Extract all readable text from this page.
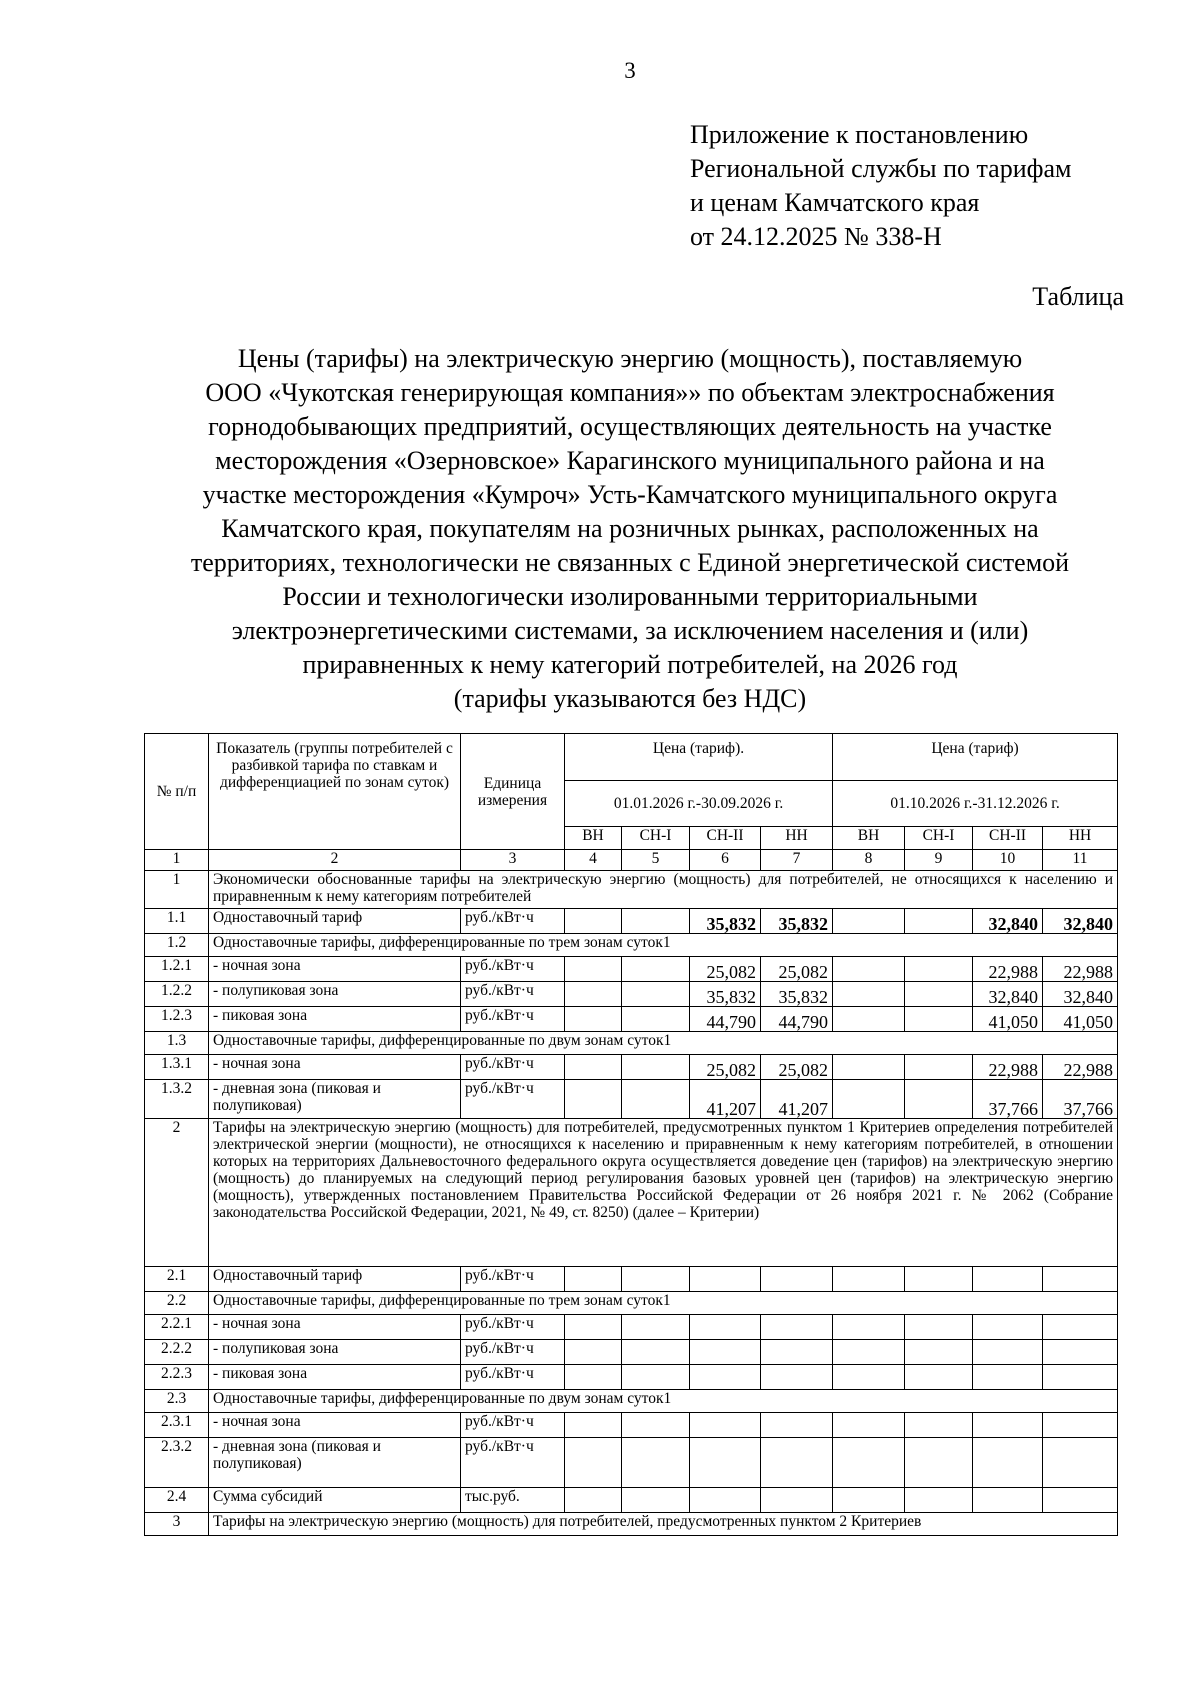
3
Приложение к постановлению
Региональной службы по тарифам
и ценам Камчатского края
от 24.12.2025 № 338-Н
Таблица
Цены (тарифы) на электрическую энергию (мощность), поставляемую
ООО «Чукотская генерирующая компания»» по объектам электроснабжения
горнодобывающих предприятий, осуществляющих деятельность на участке
месторождения «Озерновское» Карагинского муниципального района и на
участке месторождения «Кумроч» Усть-Камчатского муниципального округа
Камчатского края, покупателям на розничных рынках, расположенных на
территориях, технологически не связанных с Единой энергетической системой
России и технологически изолированными территориальными
электроэнергетическими системами, за исключением населения и (или)
приравненных к нему категорий потребителей, на 2026 год
(тарифы указываются без НДС)
№ п/п	Показатель (группы потребителей с разбивкой тарифа по ставкам и дифференциацией по зонам суток)	Единица измерения	Цена (тариф).				Цена (тариф)			
			01.01.2026 г.-30.09.2026 г.				01.10.2026 г.-31.12.2026 г.			
			ВН	СН-I	СН-II	НН	ВН	СН-I	СН-II	НН
1	2	3	4	5	6	7	8	9	10	11
1	Экономически обоснованные тарифы на электрическую энергию (мощность) для потребителей, не относящихся к населению и приравненным к нему категориям потребителей									
1.1	Одноставочный тариф	руб./кВт·ч			35,832	35,832			32,840	32,840
1.2	Одноставочные тарифы, дифференцированные по трем зонам суток1									
1.2.1	- ночная зона	руб./кВт·ч			25,082	25,082			22,988	22,988
1.2.2	- полупиковая зона	руб./кВт·ч			35,832	35,832			32,840	32,840
1.2.3	- пиковая зона	руб./кВт·ч			44,790	44,790			41,050	41,050
1.3	Одноставочные тарифы, дифференцированные по двум зонам суток1									
1.3.1	- ночная зона	руб./кВт·ч			25,082	25,082			22,988	22,988
1.3.2	- дневная зона (пиковая и полупиковая)	руб./кВт·ч			41,207	41,207			37,766	37,766
2	Тарифы на электрическую энергию (мощность) для потребителей, предусмотренных пунктом 1 Критериев определения потребителей электрической энергии (мощности), не относящихся к населению и приравненным к нему категориям потребителей, в отношении которых на территориях Дальневосточного федерального округа осуществляется доведение цен (тарифов) на электрическую энергию (мощность) до планируемых на следующий период регулирования базовых уровней цен (тарифов) на электрическую энергию (мощность), утвержденных постановлением Правительства Российской Федерации от 26 ноября 2021 г. № 2062 (Собрание законодательства Российской Федерации, 2021, № 49, ст. 8250) (далее – Критерии)									
2.1	Одноставочный тариф	руб./кВт·ч								
2.2	Одноставочные тарифы, дифференцированные по трем зонам суток1									
2.2.1	- ночная зона	руб./кВт·ч								
2.2.2	- полупиковая зона	руб./кВт·ч								
2.2.3	- пиковая зона	руб./кВт·ч								
2.3	Одноставочные тарифы, дифференцированные по двум зонам суток1									
2.3.1	- ночная зона	руб./кВт·ч								
2.3.2	- дневная зона (пиковая и полупиковая)	руб./кВт·ч								
2.4	Сумма субсидий	тыс.руб.								
3	Тарифы на электрическую энергию (мощность) для потребителей, предусмотренных пунктом 2 Критериев									
